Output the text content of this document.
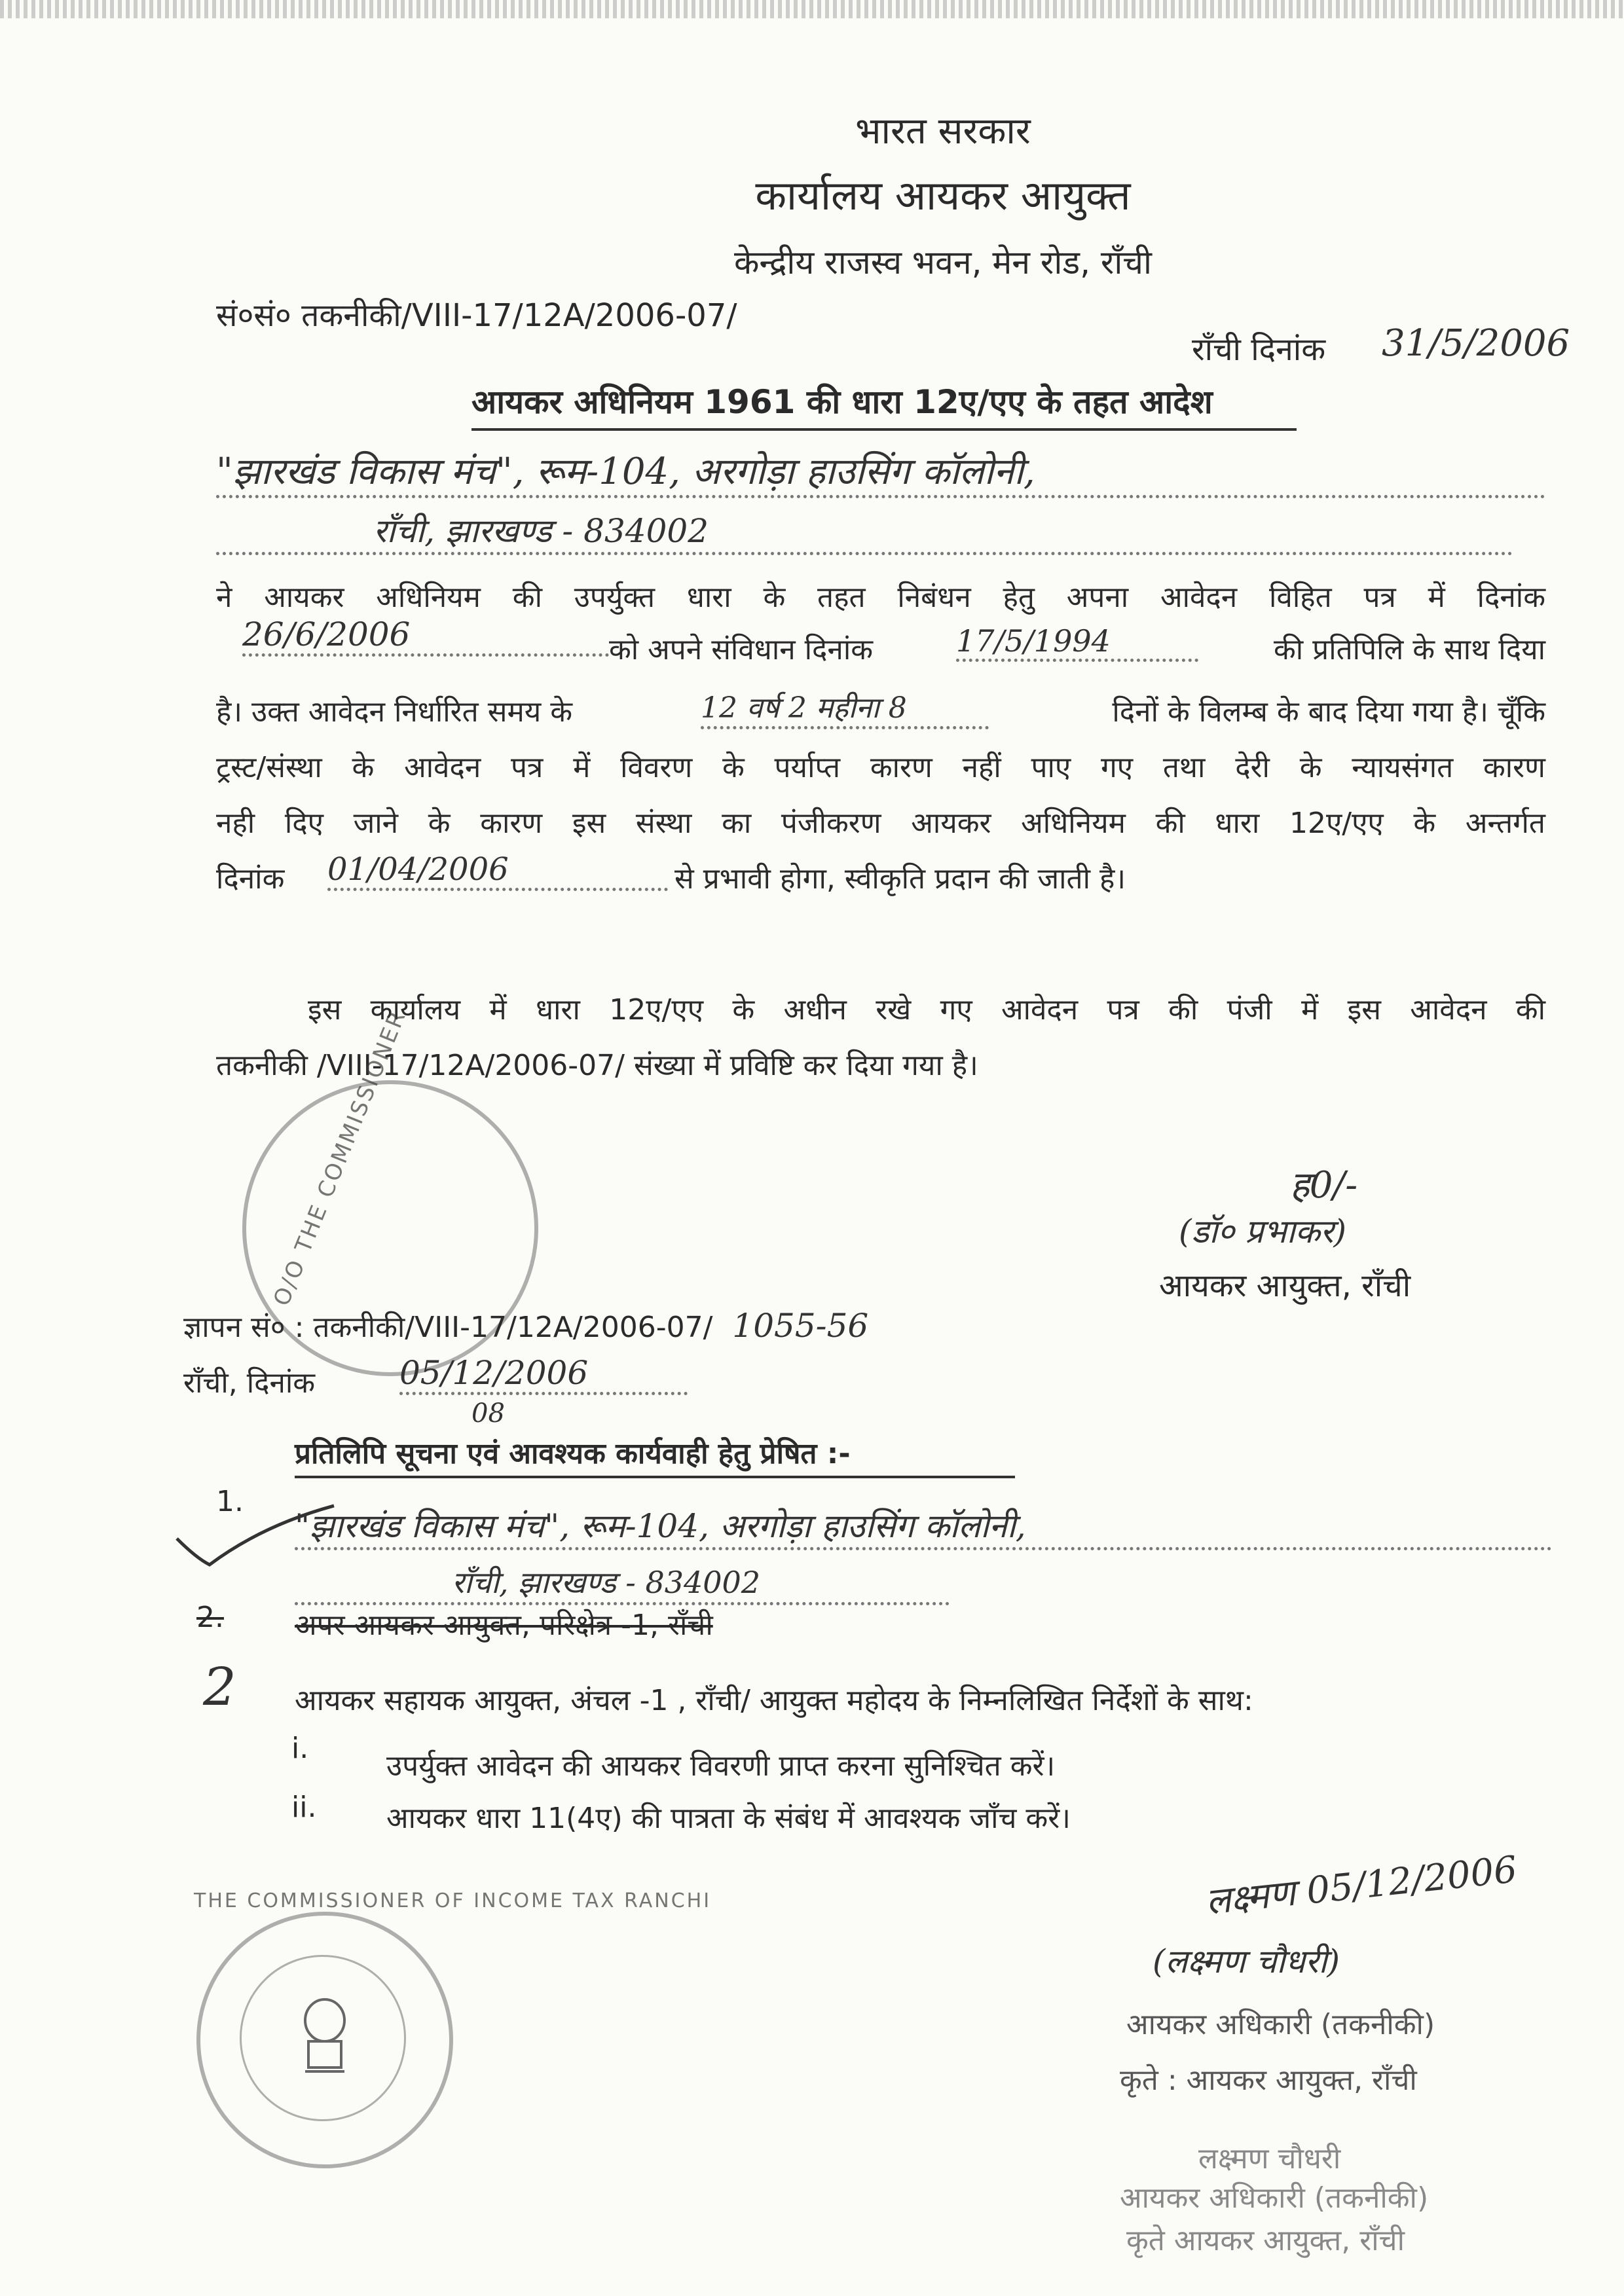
भारत सरकार
कार्यालय आयकर आयुक्त
केन्द्रीय राजस्व भवन, मेन रोड, राँची
सं०सं० तकनीकी/VIII-17/12A/2006-07/
राँची दिनांक 31/5/2006
आयकर अधिनियम 1961 की धारा 12ए/एए के तहत आदेश
"झारखंड विकास मंच", रूम-104, अरगोड़ा हाउसिंग कॉलोनी,
राँची, झारखण्ड - 834002
ने आयकर अधिनियम की उपर्युक्त धारा के तहत निबंधन हेतु अपना आवेदन विहित पत्र में दिनांक
26/6/2006	को अपने संविधान दिनांक	17/5/1994	की प्रतिपिलि के साथ दिया
है। उक्त आवेदन निर्धारित समय के	12 वर्ष 2 महीना 8	दिनों के विलम्ब के बाद दिया गया है। चूँकि
ट्रस्ट/संस्था के आवेदन पत्र में विवरण के पर्याप्त कारण नहीं पाए गए तथा देरी के न्यायसंगत कारण
नही दिए जाने के कारण इस संस्था का पंजीकरण आयकर अधिनियम की धारा 12ए/एए के अन्तर्गत
दिनांक 01/04/2006	से प्रभावी होगा, स्वीकृति प्रदान की जाती है।
इस कार्यालय में धारा 12ए/एए के अधीन रखे गए आवेदन पत्र की पंजी में इस आवेदन की
तकनीकी /VIII-17/12A/2006-07/ संख्या में प्रविष्टि कर दिया गया है।
O/O THE COMMISSIONER	ह0/-
(डॉ० प्रभाकर)
आयकर आयुक्त, राँची
ज्ञापन सं० : तकनीकी/VIII-17/12A/2006-07/ 1055-56
राँची, दिनांक	05/12/2006
08
प्रतिलिपि सूचना एवं आवश्यक कार्यवाही हेतु प्रेषित :-
1.
"झारखंड विकास मंच", रूम-104, अरगोड़ा हाउसिंग कॉलोनी,
राँची, झारखण्ड - 834002
2. अपर आयकर आयुक्त, परिक्षेत्र -1, राँची
2 आयकर सहायक आयुक्त, अंचल -1 , राँची/ आयुक्त महोदय के निम्नलिखित निर्देशों के साथ:
i.
उपर्युक्त आवेदन की आयकर विवरणी प्राप्त करना सुनिश्चित करें।
ii. आयकर धारा 11(4ए) की पात्रता के संबंध में आवश्यक जाँच करें।
लक्ष्मण 05/12/2006
(लक्ष्मण चौधरी)
आयकर अधिकारी (तकनीकी)
कृते : आयकर आयुक्त, राँची
लक्ष्मण चौधरी
आयकर अधिकारी (तकनीकी)
कृते आयकर आयुक्त, राँची
THE COMMISSIONER OF INCOME TAX RANCHI
